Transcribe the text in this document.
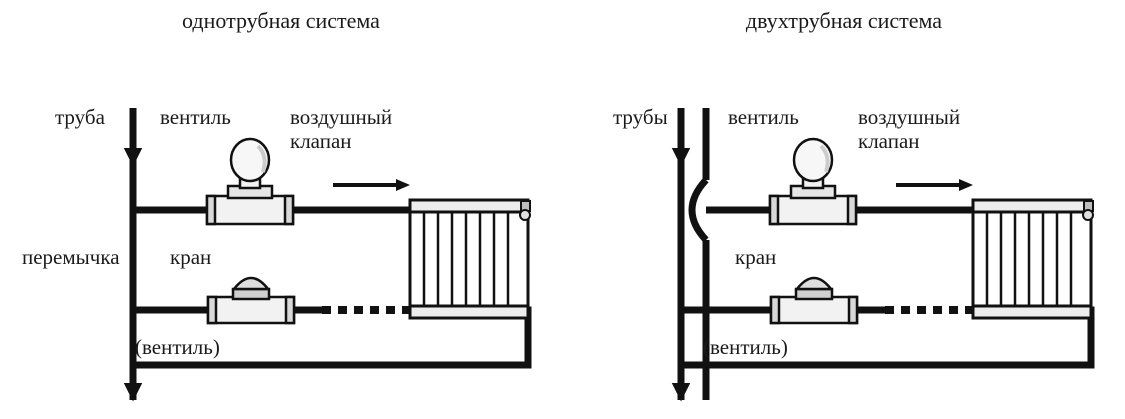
однотрубная система
труба	вентиль	воздушный
клапан
перемычка кран
(вентиль)
двухтрубная система
трубы	вентиль	воздушный
клапан
кран
(вентиль)
